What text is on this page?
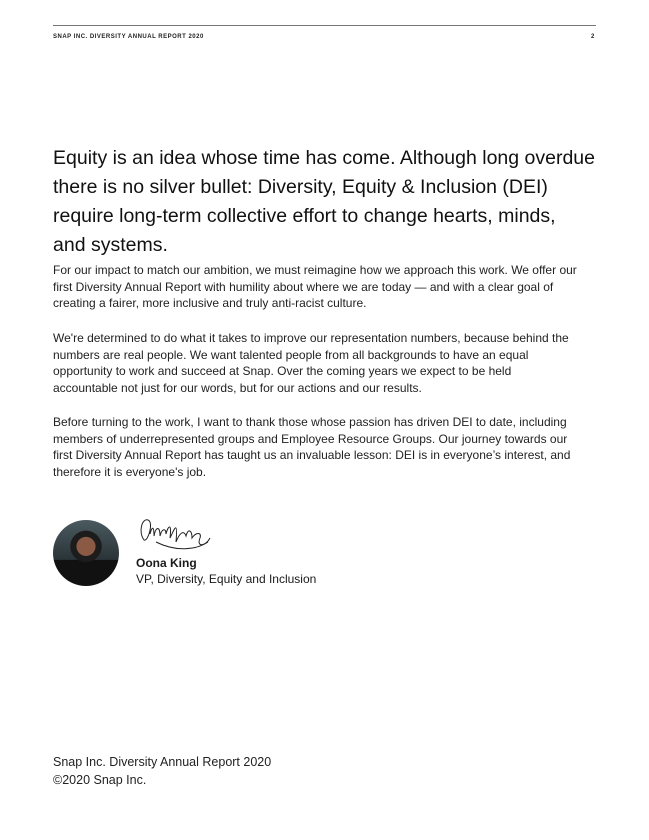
SNAP INC. DIVERSITY ANNUAL REPORT 2020	2
Equity is an idea whose time has come. Although long overdue
there is no silver bullet: Diversity, Equity & Inclusion (DEI)
require long-term collective effort to change hearts, minds,
and systems.
For our impact to match our ambition, we must reimagine how we approach this work. We offer our
first Diversity Annual Report with humility about where we are today — and with a clear goal of
creating a fairer, more inclusive and truly anti-racist culture.
We're determined to do what it takes to improve our representation numbers, because behind the
numbers are real people. We want talented people from all backgrounds to have an equal
opportunity to work and succeed at Snap. Over the coming years we expect to be held
accountable not just for our words, but for our actions and our results.
Before turning to the work, I want to thank those whose passion has driven DEI to date, including
members of underrepresented groups and Employee Resource Groups. Our journey towards our
first Diversity Annual Report has taught us an invaluable lesson: DEI is in everyone’s interest, and
therefore it is everyone's job.
Oona King
VP, Diversity, Equity and Inclusion
Snap Inc. Diversity Annual Report 2020
©2020 Snap Inc.
